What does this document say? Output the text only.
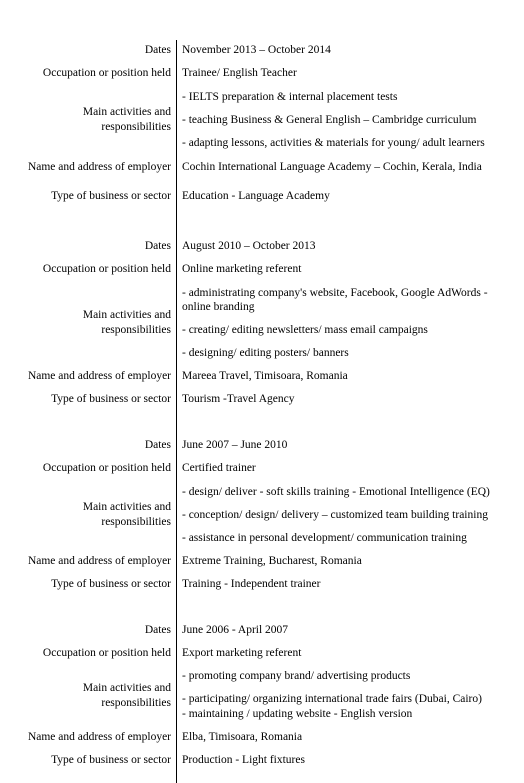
Dates November 2013 – October 2014
Occupation or position held Trainee/ English Teacher
Main activities and
responsibilities
- IELTS preparation & internal placement tests
- teaching Business & General English – Cambridge curriculum
- adapting lessons, activities & materials for young/ adult learners
Name and address of employer Cochin International Language Academy – Cochin, Kerala, India
Type of business or sector Education - Language Academy
Dates August 2010 – October 2013
Occupation or position held Online marketing referent
Main activities and
responsibilities
- administrating company's website, Facebook, Google AdWords - online branding
- creating/ editing newsletters/ mass email campaigns
- designing/ editing posters/ banners
Name and address of employer Mareea Travel, Timisoara, Romania
Type of business or sector Tourism -Travel Agency
Dates June 2007 – June 2010
Occupation or position held Certified trainer
Main activities and
responsibilities
- design/ deliver - soft skills training - Emotional Intelligence (EQ)
- conception/ design/ delivery – customized team building training
- assistance in personal development/ communication training
Name and address of employer Extreme Training, Bucharest, Romania
Type of business or sector Training - Independent trainer
Dates June 2006 - April 2007
Occupation or position held Export marketing referent
Main activities and
responsibilities
- promoting company brand/ advertising products
- participating/ organizing international trade fairs (Dubai, Cairo)
- maintaining / updating website - English version
Name and address of employer Elba, Timisoara, Romania
Type of business or sector Production - Light fixtures
